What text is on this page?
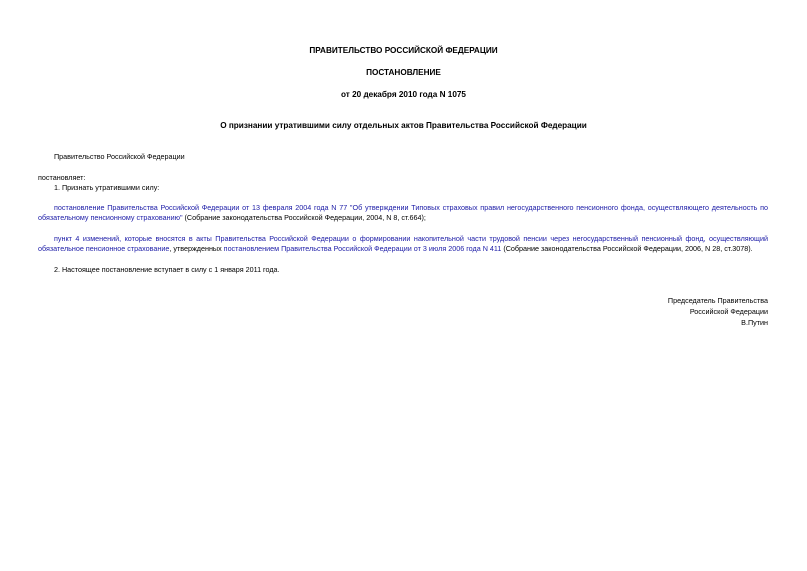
ПРАВИТЕЛЬСТВО РОССИЙСКОЙ ФЕДЕРАЦИИ
ПОСТАНОВЛЕНИЕ
от 20 декабря 2010 года N 1075
О признании утратившими силу отдельных актов Правительства Российской Федерации
Правительство Российской Федерации
постановляет:
1. Признать утратившими силу:
постановление Правительства Российской Федерации от 13 февраля 2004 года N 77 "Об утверждении Типовых страховых правил негосударственного пенсионного фонда, осуществляющего деятельность по обязательному пенсионному страхованию" (Собрание законодательства Российской Федерации, 2004, N 8, ст.664);
пункт 4 изменений, которые вносятся в акты Правительства Российской Федерации о формировании накопительной части трудовой пенсии через негосударственный пенсионный фонд, осуществляющий обязательное пенсионное страхование, утвержденных постановлением Правительства Российской Федерации от 3 июля 2006 года N 411 (Собрание законодательства Российской Федерации, 2006, N 28, ст.3078).
2. Настоящее постановление вступает в силу с 1 января 2011 года.
Председатель Правительства
Российской Федерации
В.Путин
